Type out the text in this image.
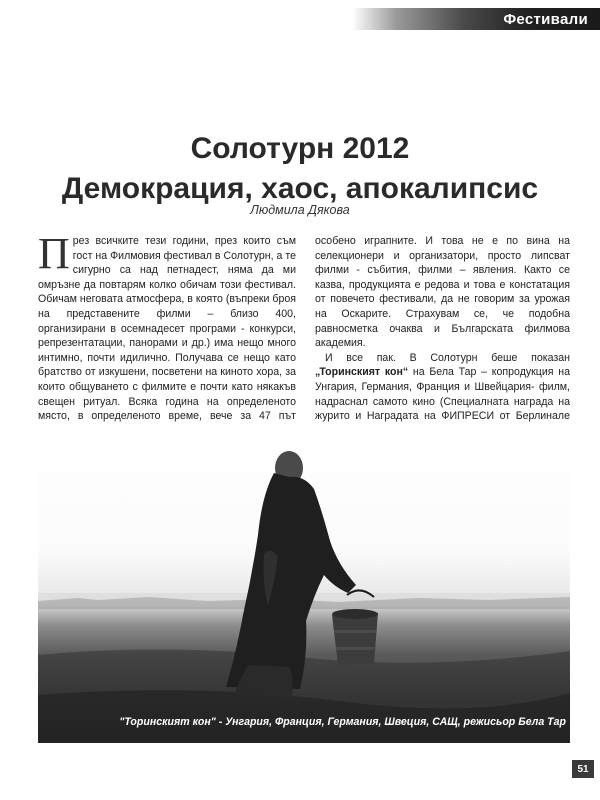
Фестивали
Солотурн 2012
Демокрация, хаос, апокалипсис
Людмила Дякова

През всичките тези години, през които съм гост на Филмовия фестивал в Солотурн, а те сигурно са над петнадест, няма да ми омръзне да повтарям колко обичам този фестивал. Обичам неговата атмосфера, в която (въпреки броя на представените филми – близо 400, организирани в осемнадесет програми - конкурси, репрезентатации, панорами и др.) има нещо много интимно, почти идилично. Получава се нещо като братство от изкушени, посветени на киното хора, за които общуването с филмите е почти като някакъв свещен ритуал. Всяка година на определеното място, в определеното време, вече за 47 път

особено играпните. И това не е по вина на селекционери и организатори, просто липсват филми - събития, филми – явления. Както се казва, продукцията е редова и това е констатация от повечето фестивали, да не говорим за урожая на Оскарите. Страхувам се, че подобна равносметка очаква и Българската филмова академия.

И все пак. В Солотурн беше показан „Торинският кон“ на Бела Тар – копродукция на Унгария, Германия, Франция и Швейцария- филм, надраснал самото кино (Специалната награда на журито и Наградата на ФИПРЕСИ от Берлинале

"Торинският кон" - Унгария, Франция, Германия, Швеция, САЩ, режисьор Бела Тар
51
